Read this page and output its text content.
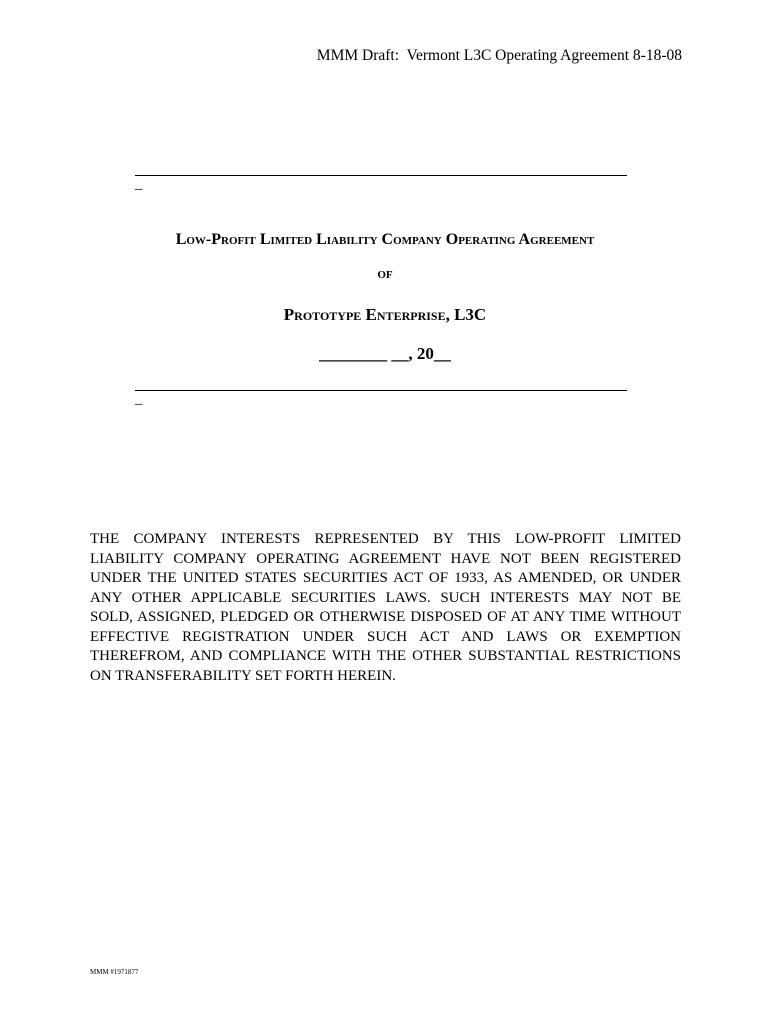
MMM Draft:  Vermont L3C Operating Agreement 8-18-08
_
Low-Profit Limited Liability Company Operating Agreement
of
Prototype Enterprise, L3C
________ __, 20__
_
THE COMPANY INTERESTS REPRESENTED BY THIS LOW-PROFIT LIMITED
LIABILITY COMPANY OPERATING AGREEMENT HAVE NOT BEEN REGISTERED
UNDER THE UNITED STATES SECURITIES ACT OF 1933, AS AMENDED, OR UNDER
ANY OTHER APPLICABLE SECURITIES LAWS. SUCH INTERESTS MAY NOT BE
SOLD, ASSIGNED, PLEDGED OR OTHERWISE DISPOSED OF AT ANY TIME WITHOUT
EFFECTIVE REGISTRATION UNDER SUCH ACT AND LAWS OR EXEMPTION
THEREFROM, AND COMPLIANCE WITH THE OTHER SUBSTANTIAL RESTRICTIONS
ON TRANSFERABILITY SET FORTH HEREIN.
MMM #1971877
